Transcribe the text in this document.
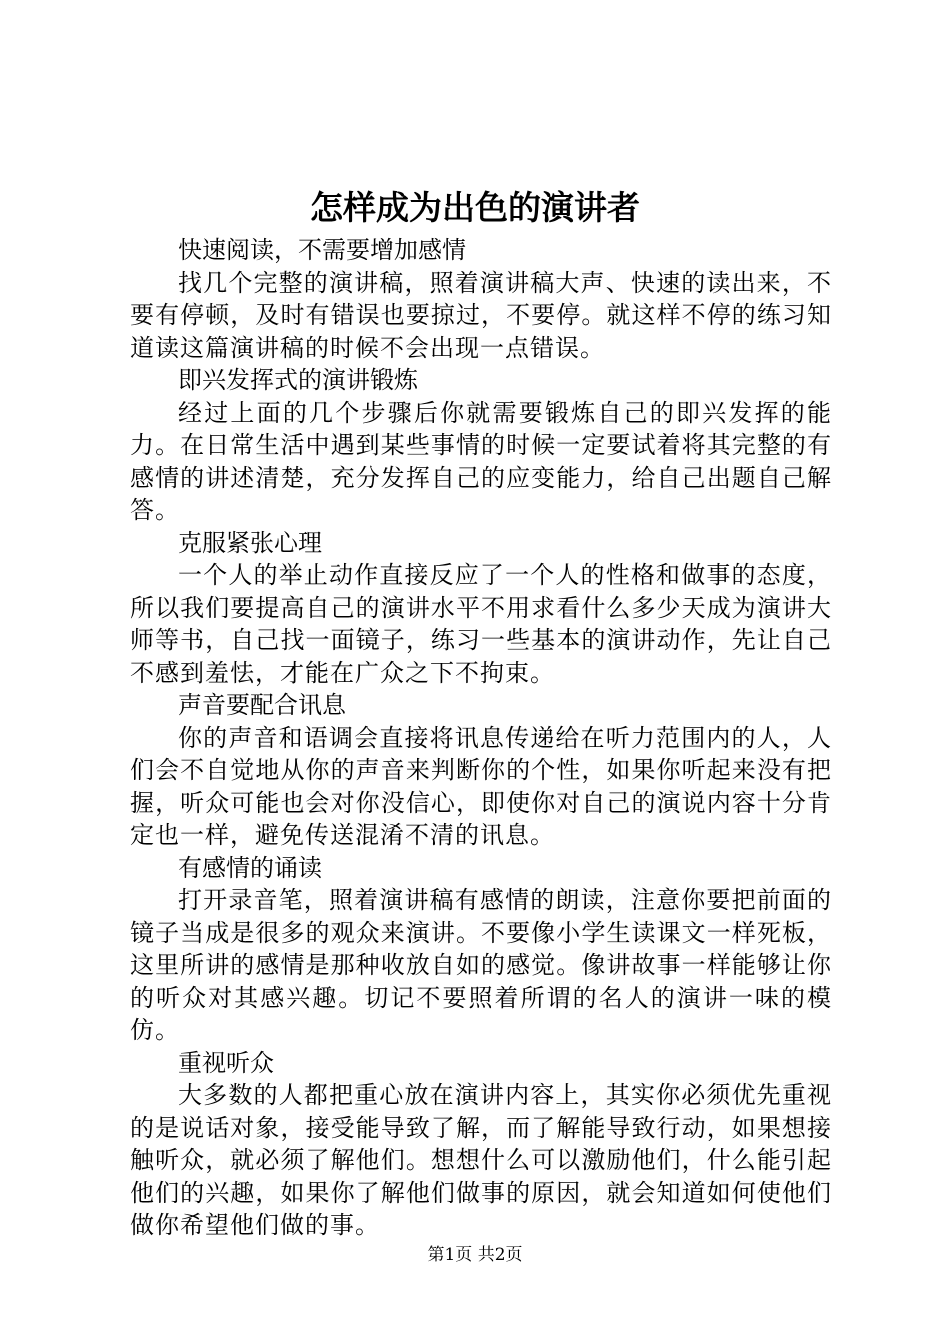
怎样成为出色的演讲者

快速阅读，不需要增加感情

找几个完整的演讲稿，照着演讲稿大声、快速的读出来，不要有停顿，及时有错误也要掠过，不要停。就这样不停的练习知道读这篇演讲稿的时候不会出现一点错误。

即兴发挥式的演讲锻炼

经过上面的几个步骤后你就需要锻炼自己的即兴发挥的能力。在日常生活中遇到某些事情的时候一定要试着将其完整的有感情的讲述清楚，充分发挥自己的应变能力，给自己出题自己解答。

克服紧张心理

一个人的举止动作直接反应了一个人的性格和做事的态度，所以我们要提高自己的演讲水平不用求看什么多少天成为演讲大师等书，自己找一面镜子，练习一些基本的演讲动作，先让自己不感到羞怯，才能在广众之下不拘束。

声音要配合讯息

你的声音和语调会直接将讯息传递给在听力范围内的人，人们会不自觉地从你的声音来判断你的个性，如果你听起来没有把握，听众可能也会对你没信心，即使你对自己的演说内容十分肯定也一样，避免传送混淆不清的讯息。

有感情的诵读

打开录音笔，照着演讲稿有感情的朗读，注意你要把前面的镜子当成是很多的观众来演讲。不要像小学生读课文一样死板，这里所讲的感情是那种收放自如的感觉。像讲故事一样能够让你的听众对其感兴趣。切记不要照着所谓的名人的演讲一味的模仿。

重视听众

大多数的人都把重心放在演讲内容上，其实你必须优先重视的是说话对象，接受能导致了解，而了解能导致行动，如果想接触听众，就必须了解他们。想想什么可以激励他们，什么能引起他们的兴趣，如果你了解他们做事的原因，就会知道如何使他们做你希望他们做的事。

第1页 共2页
